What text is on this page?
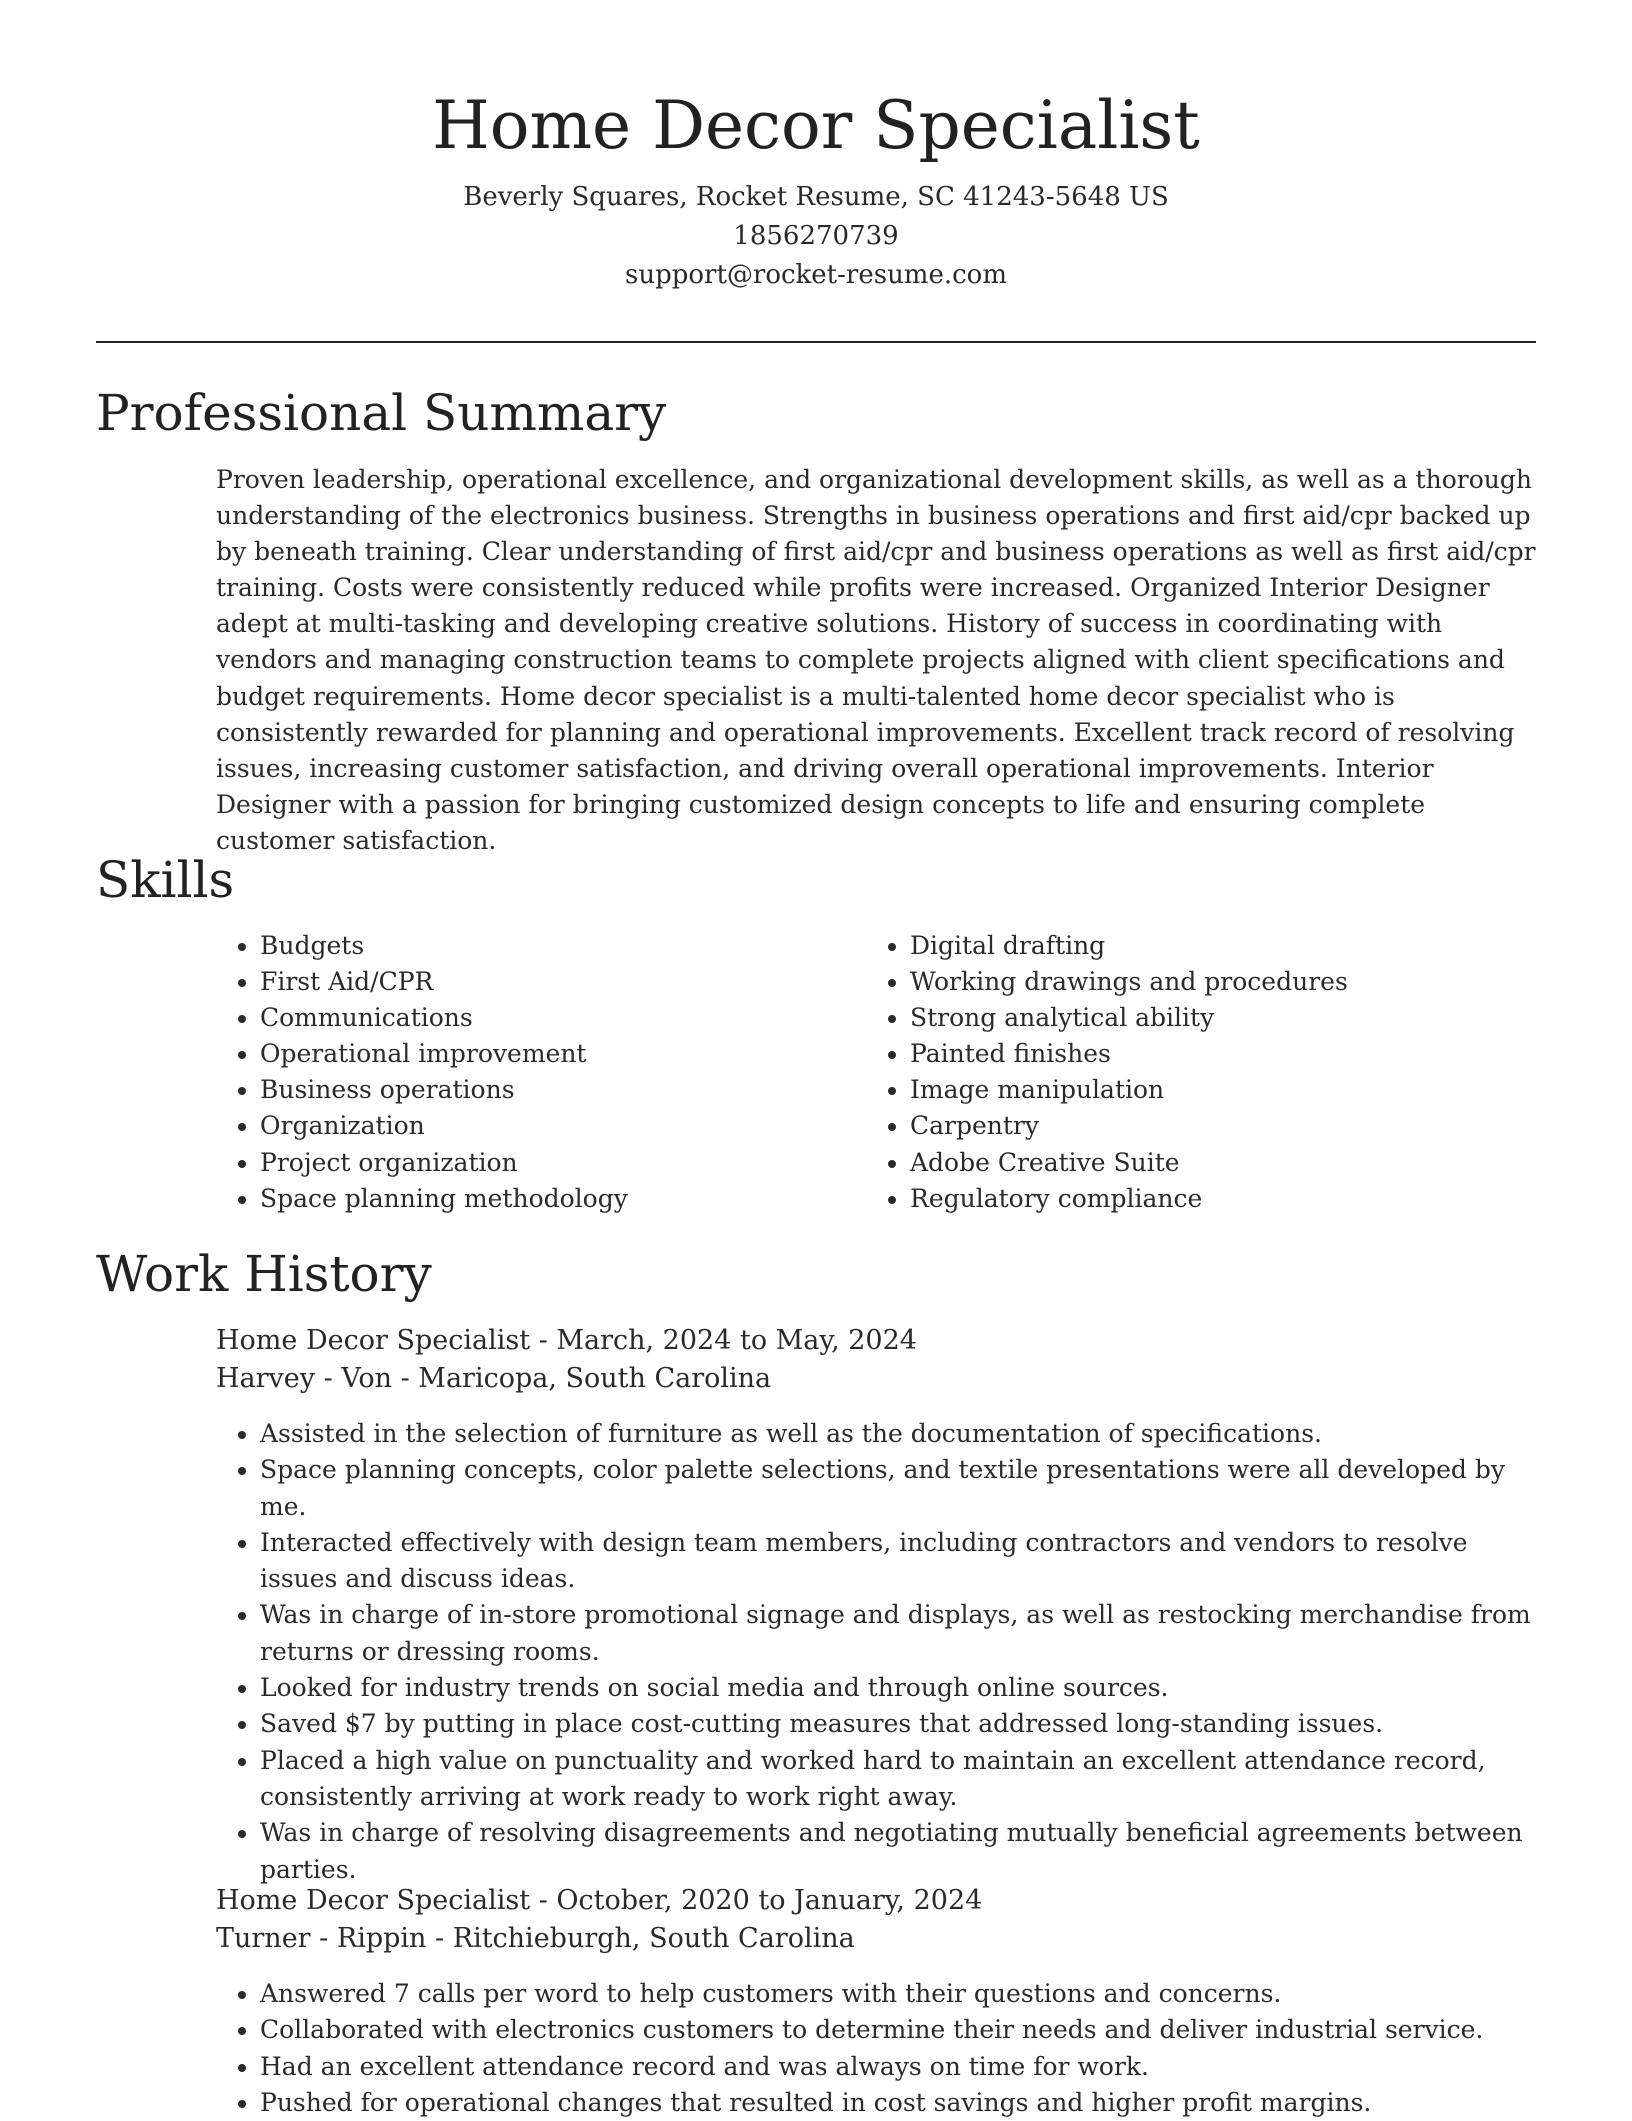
Home Decor Specialist

Beverly Squares, Rocket Resume, SC 41243-5648 US

1856270739

support@rocket-resume.com

Professional Summary

Proven leadership, operational excellence, and organizational development skills, as well as a thorough understanding of the electronics business. Strengths in business operations and first aid/cpr backed up by beneath training. Clear understanding of first aid/cpr and business operations as well as first aid/cpr training. Costs were consistently reduced while profits were increased. Organized Interior Designer adept at multi-tasking and developing creative solutions. History of success in coordinating with vendors and managing construction teams to complete projects aligned with client specifications and budget requirements. Home decor specialist is a multi-talented home decor specialist who is consistently rewarded for planning and operational improvements. Excellent track record of resolving issues, increasing customer satisfaction, and driving overall operational improvements. Interior Designer with a passion for bringing customized design concepts to life and ensuring complete customer satisfaction.

Skills
• Budgets
• First Aid/CPR
• Communications
• Operational improvement
• Business operations
• Organization
• Project organization
• Space planning methodology
• Digital drafting
• Working drawings and procedures
• Strong analytical ability
• Painted finishes
• Image manipulation
• Carpentry
• Adobe Creative Suite
• Regulatory compliance
Work History

Home Decor Specialist - March, 2024 to May, 2024

Harvey - Von - Maricopa, South Carolina

• Assisted in the selection of furniture as well as the documentation of specifications.
• Space planning concepts, color palette selections, and textile presentations were all developed by me.
• Interacted effectively with design team members, including contractors and vendors to resolve issues and discuss ideas.
• Was in charge of in-store promotional signage and displays, as well as restocking merchandise from returns or dressing rooms.
• Looked for industry trends on social media and through online sources.
• Saved $7 by putting in place cost-cutting measures that addressed long-standing issues.
• Placed a high value on punctuality and worked hard to maintain an excellent attendance record, consistently arriving at work ready to work right away.
• Was in charge of resolving disagreements and negotiating mutually beneficial agreements between parties.

Home Decor Specialist - October, 2020 to January, 2024

Turner - Rippin - Ritchieburgh, South Carolina

• Answered 7 calls per word to help customers with their questions and concerns.
• Collaborated with electronics customers to determine their needs and deliver industrial service.
• Had an excellent attendance record and was always on time for work.
• Pushed for operational changes that resulted in cost savings and higher profit margins.
